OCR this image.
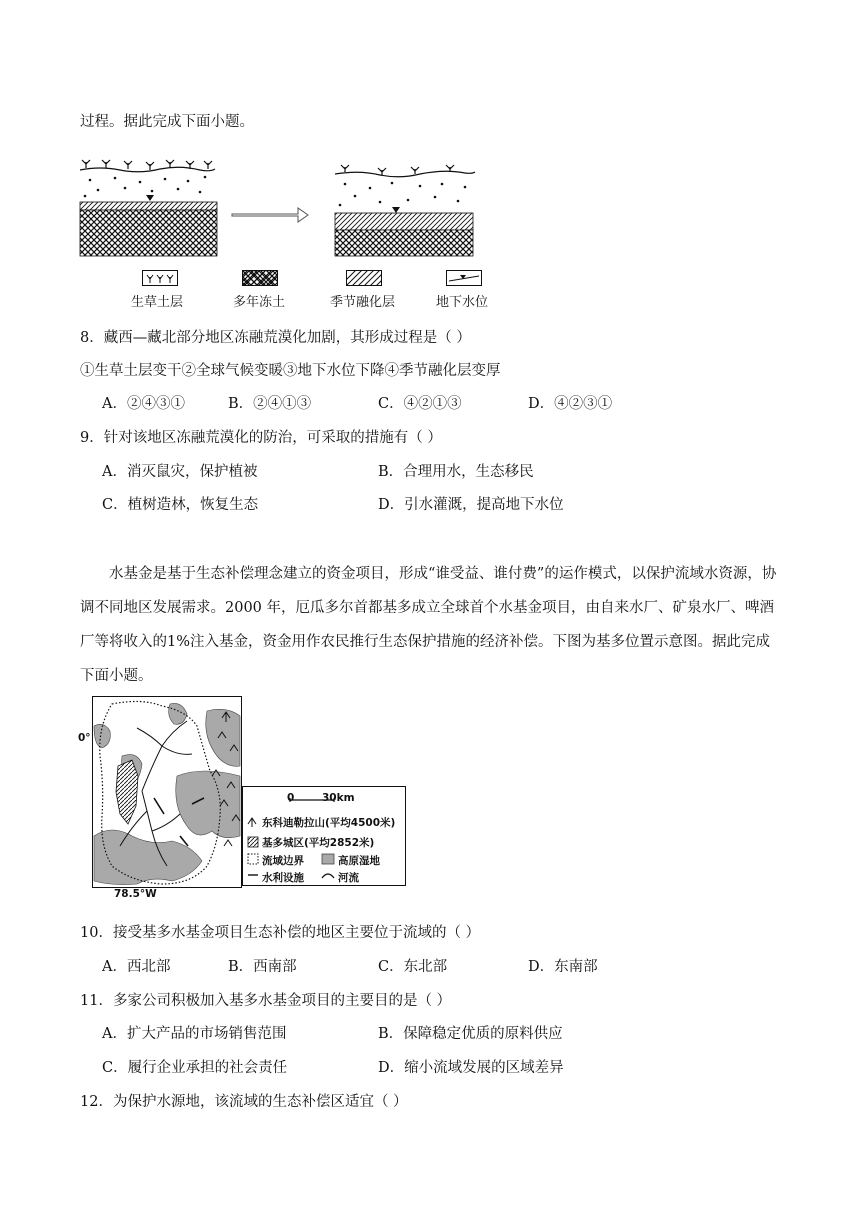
过程。据此完成下面小题。
生草土层	多年冻土	季节融化层	地下水位
8．藏西—藏北部分地区冻融荒漠化加剧，其形成过程是（ ）
①生草土层变干②全球气候变暖③地下水位下降④季节融化层变厚
A．②④③①	B．②④①③	C．④②①③	D．④②③①
9．针对该地区冻融荒漠化的防治，可采取的措施有（ ）
A．消灭鼠灾，保护植被	B．合理用水，生态移民
C．植树造林，恢复生态	D．引水灌溉，提高地下水位
水基金是基于生态补偿理念建立的资金项目，形成“谁受益、谁付费”的运作模式，以保护流域水资源，协调不同地区发展需求。2000 年，厄瓜多尔首都基多成立全球首个水基金项目，由自来水厂、矿泉水厂、啤酒厂等将收入的1%注入基金，资金用作农民推行生态保护措施的经济补偿。下图为基多位置示意图。据此完成下面小题。
0°
78.5°W
0	30km
东科迪勒拉山(平均4500米)
基多城区(平均2852米)
流域边界	高原湿地
水利设施	河流
10．接受基多水基金项目生态补偿的地区主要位于流域的（ ）
A．西北部	B．西南部	C．东北部	D．东南部
11．多家公司积极加入基多水基金项目的主要目的是（ ）
A．扩大产品的市场销售范围	B．保障稳定优质的原料供应
C．履行企业承担的社会责任	D．缩小流域发展的区域差异
12．为保护水源地，该流域的生态补偿区适宜（ ）
